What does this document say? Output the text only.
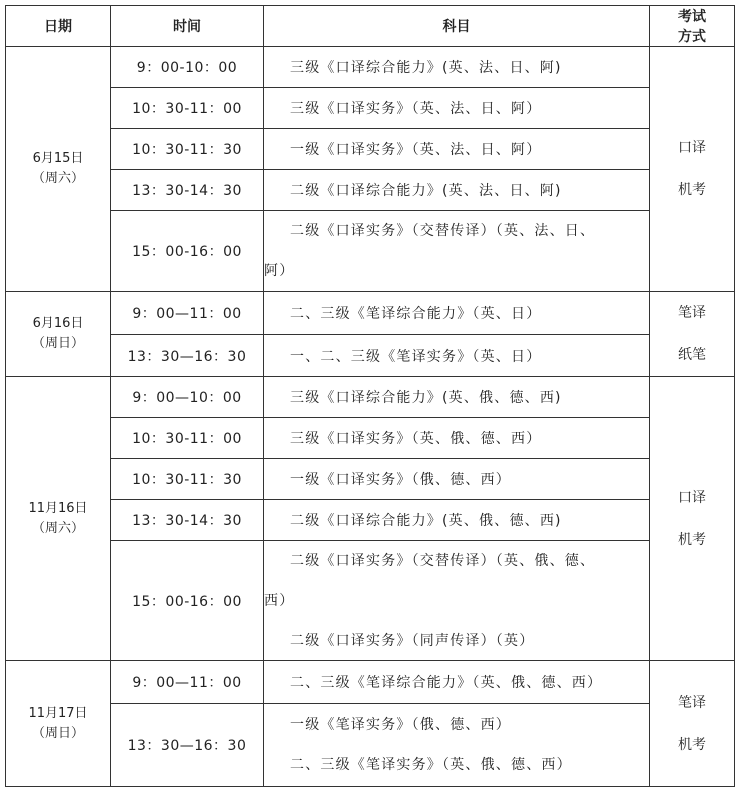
日期	时间	科目	考试
方式

6月15日
（周六）	9：00-10：00	三级《口译综合能力》(英、法、日、阿)	口译
机考

	10：30-11：00	三级《口译实务》（英、法、日、阿）	
	10：30-11：30	一级《口译实务》（英、法、日、阿）	
	13：30-14：30	二级《口译综合能力》(英、法、日、阿)	
	15：00-16：00	二级《口译实务》（交替传译）（英、法、日、
阿）	

6月16日
（周日）	9：00—11：00	二、三级《笔译综合能力》（英、日）	笔译
纸笔

	13：30—16：30	一、二、三级《笔译实务》（英、日）	

11月16日
（周六）	9：00—10：00	三级《口译综合能力》(英、俄、德、西)	口译
机考

	10：30-11：00	三级《口译实务》（英、俄、德、西）	
	10：30-11：30	一级《口译实务》（俄、德、西）	
	13：30-14：30	二级《口译综合能力》(英、俄、德、西)	
	15：00-16：00	二级《口译实务》（交替传译）（英、俄、德、
西）
二级《口译实务》（同声传译）（英）	

11月17日
（周日）	9：00—11：00	二、三级《笔译综合能力》（英、俄、德、西）	笔译
机考

	13：30—16：30	一级《笔译实务》（俄、德、西）
二、三级《笔译实务》（英、俄、德、西）	
